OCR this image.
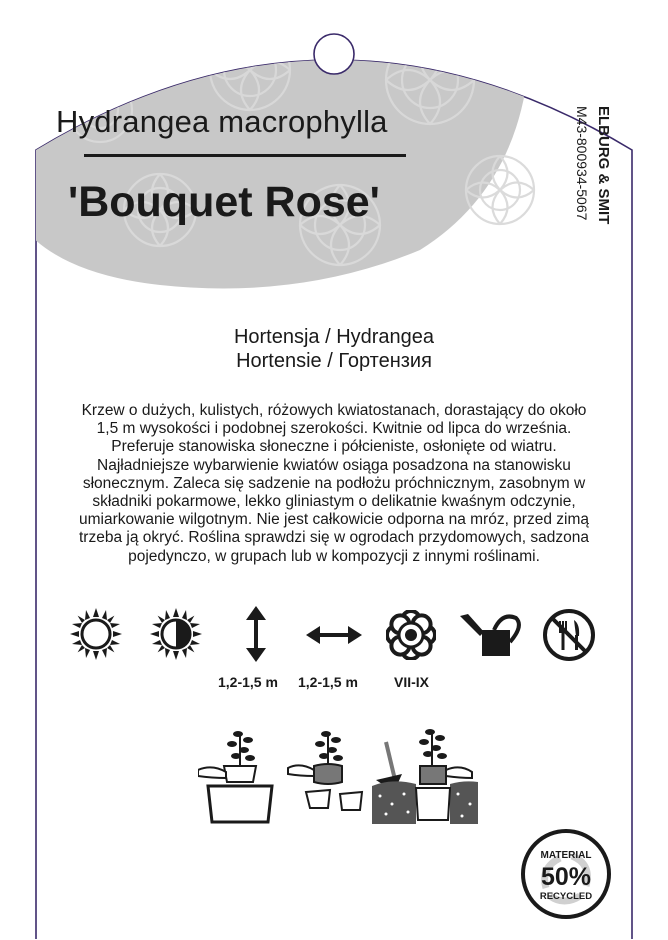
Hydrangea macrophylla
'Bouquet Rose'	ELBURG & SMIT
M43-800934-5067
Hortensja / Hydrangea
Hortensie / Гортензия
Krzew o dużych, kulistych, różowych kwiatostanach, dorastający do około 1,5 m wysokości i podobnej szerokości. Kwitnie od lipca do września. Preferuje stanowiska słoneczne i półcieniste, osłonięte od wiatru. Najładniejsze wybarwienie kwiatów osiąga posadzona na stanowisku słonecznym. Zaleca się sadzenie na podłożu próchnicznym, zasobnym w składniki pokarmowe, lekko gliniastym o delikatnie kwaśnym odczynie, umiarkowanie wilgotnym. Nie jest całkowicie odporna na mróz, przed zimą trzeba ją okryć. Roślina sprawdzi się w ogrodach przydomowych, sadzona pojedynczo, w grupach lub w kompozycji z innymi roślinami.
1,2-1,5 m 1,2-1,5 m	VII-IX
MATERIAL
50%
RECYCLED
